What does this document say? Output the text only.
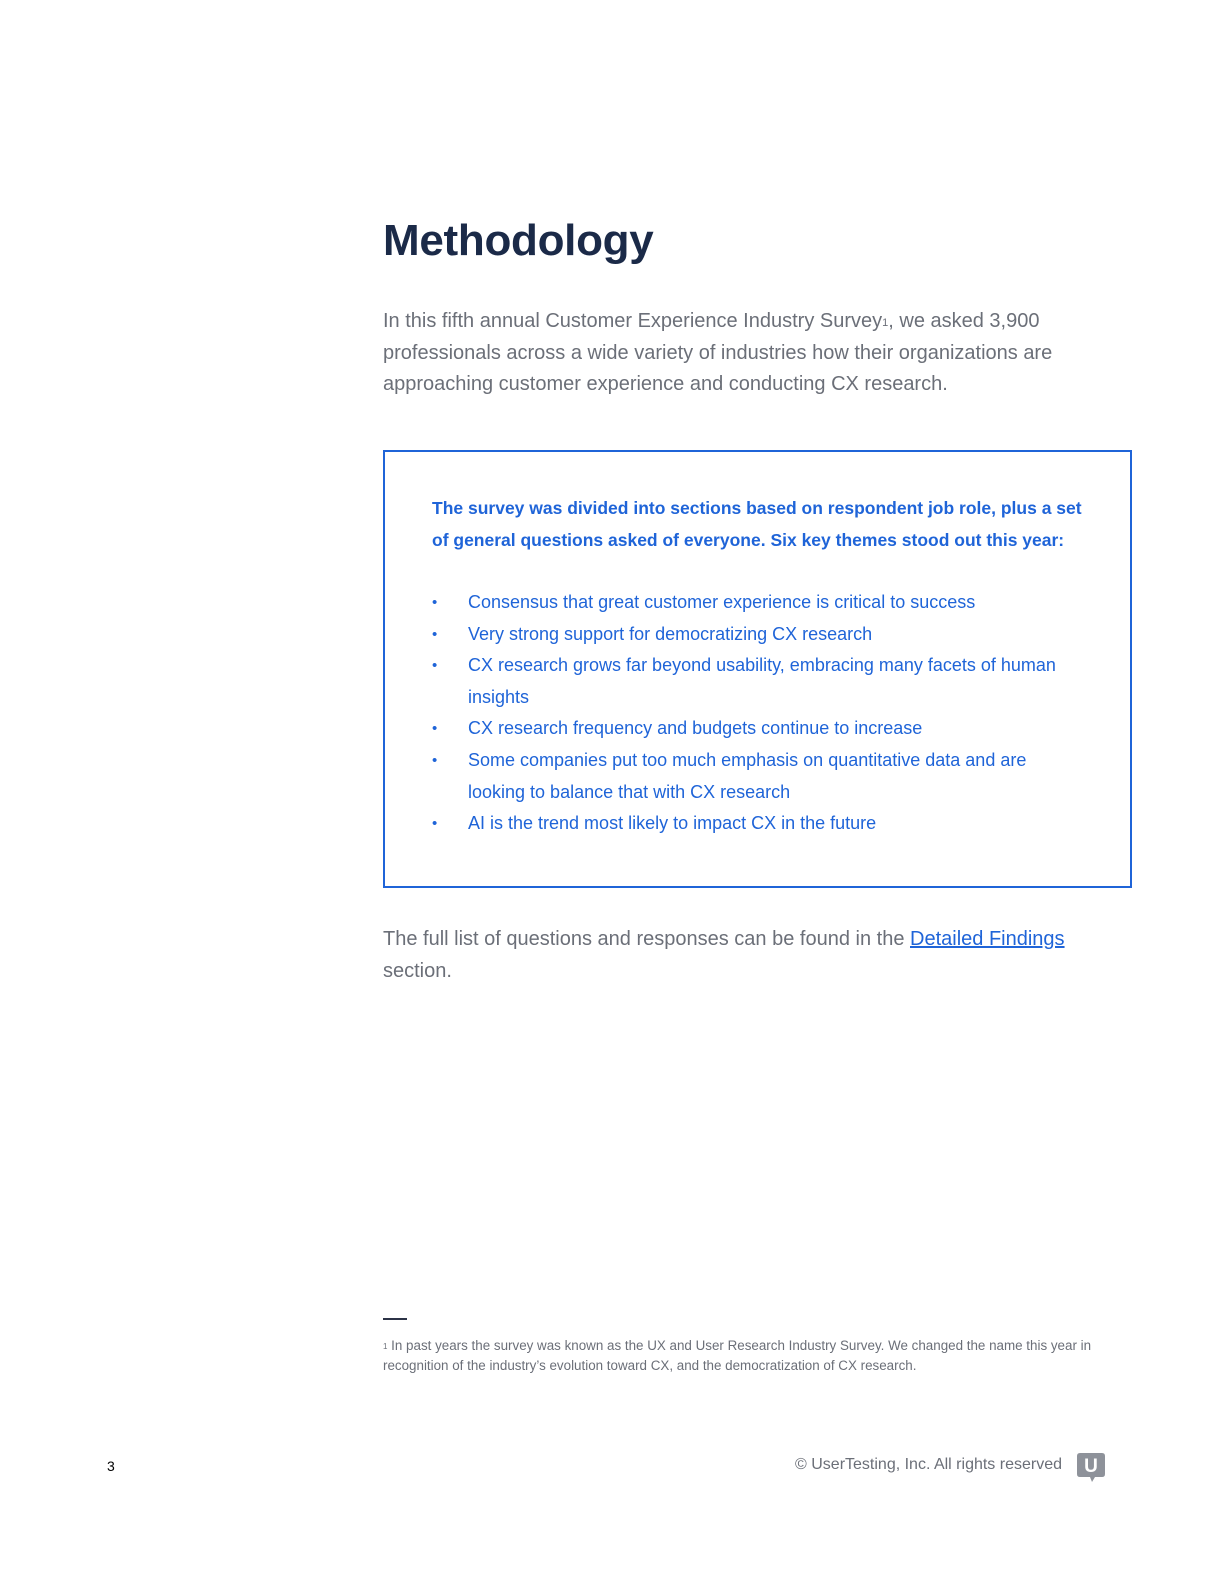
Methodology

In this fifth annual Customer Experience Industry Survey$^1$, we asked 3,900 professionals across a wide variety of industries how their organizations are approaching customer experience and conducting CX research.

The survey was divided into sections based on respondent job role, plus a set of general questions asked of everyone. Six key themes stood out this year:

• Consensus that great customer experience is critical to success
• Very strong support for democratizing CX research
• CX research grows far beyond usability, embracing many facets of human insights
• CX research frequency and budgets continue to increase
• Some companies put too much emphasis on quantitative data and are looking to balance that with CX research
• AI is the trend most likely to impact CX in the future

The full list of questions and responses can be found in the Detailed Findings section.

$^1$ In past years the survey was known as the UX and User Research Industry Survey. We changed the name this year in recognition of the industry’s evolution toward CX, and the democratization of CX research.

3	© UserTesting, Inc. All rights reserved U
